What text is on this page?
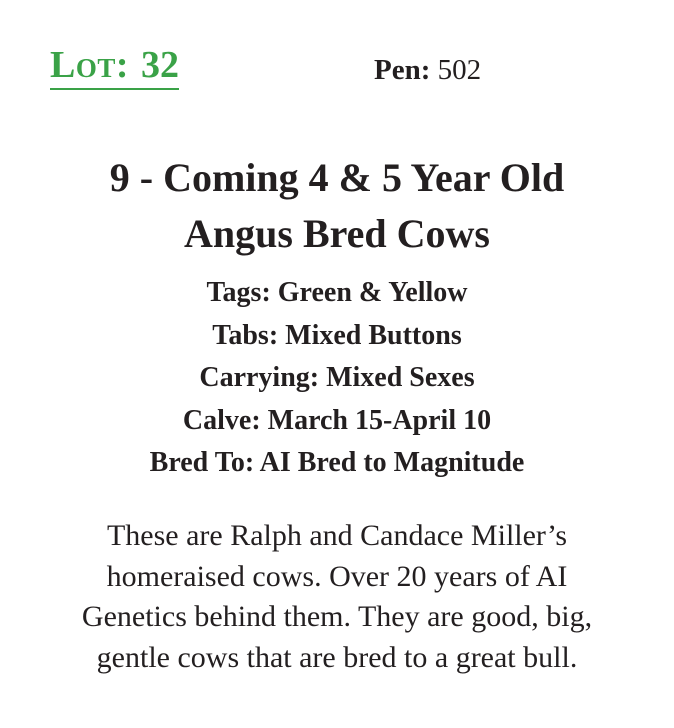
Lot: 32	Pen: 502
9 - Coming 4 & 5 Year Old
Angus Bred Cows
Tags: Green & Yellow
Tabs: Mixed Buttons
Carrying: Mixed Sexes
Calve: March 15-April 10
Bred To: AI Bred to Magnitude

These are Ralph and Candace Miller’s
homeraised cows. Over 20 years of AI
Genetics behind them. They are good, big,
gentle cows that are bred to a great bull.
